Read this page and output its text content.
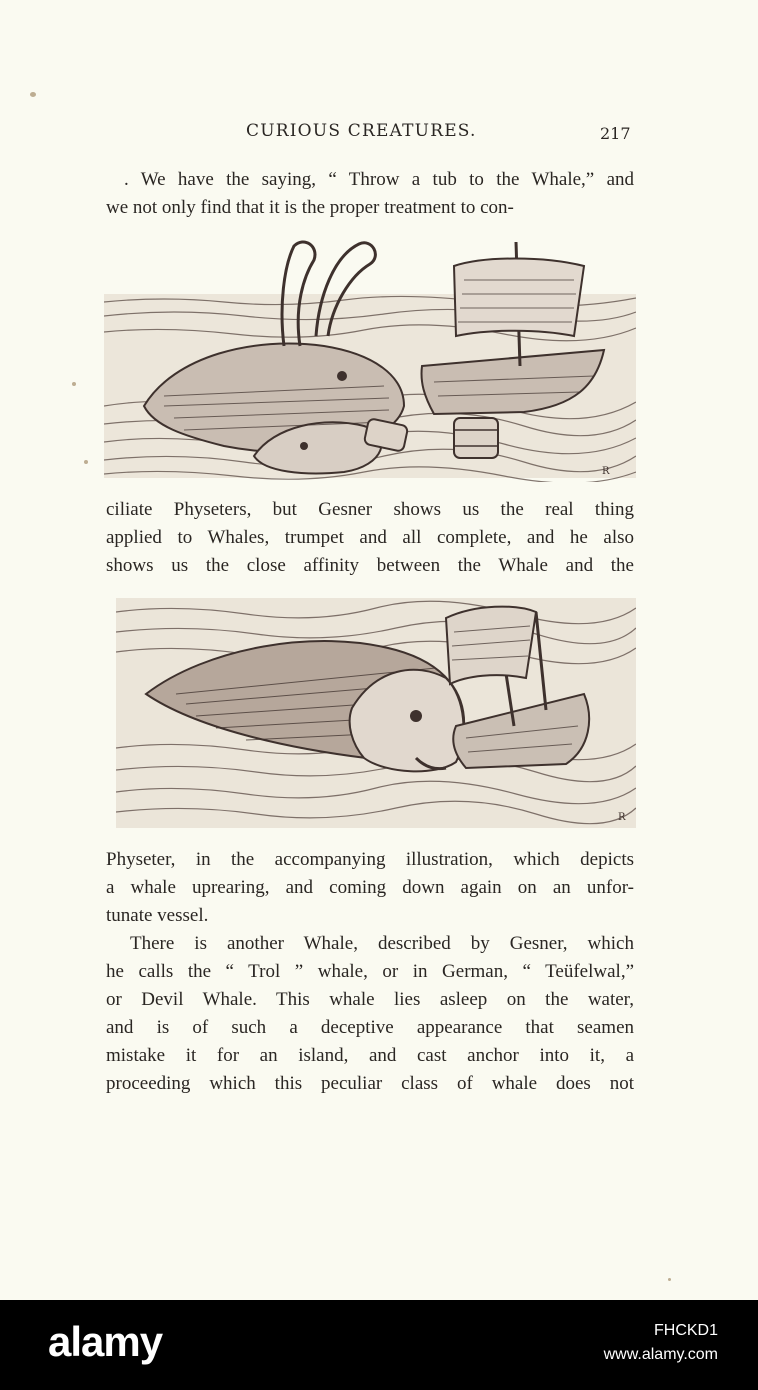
CURIOUS CREATURES.	217
. We have the saying, “ Throw a tub to the Whale,” and
we not only find that it is the proper treatment to con-
R
ciliate Physeters, but Gesner shows us the real thing
applied to Whales, trumpet and all complete, and he also
shows us the close affinity between the Whale and the
R
Physeter, in the accompanying illustration, which depicts
a whale uprearing, and coming down again on an unfor-
tunate vessel.
There is another Whale, described by Gesner, which
he calls the “ Trol ” whale, or in German, “ Teüfelwal,”
or Devil Whale. This whale lies asleep on the water,
and is of such a deceptive appearance that seamen
mistake it for an island, and cast anchor into it, a
proceeding which this peculiar class of whale does not
alamy	FHCKD1
www.alamy.com
